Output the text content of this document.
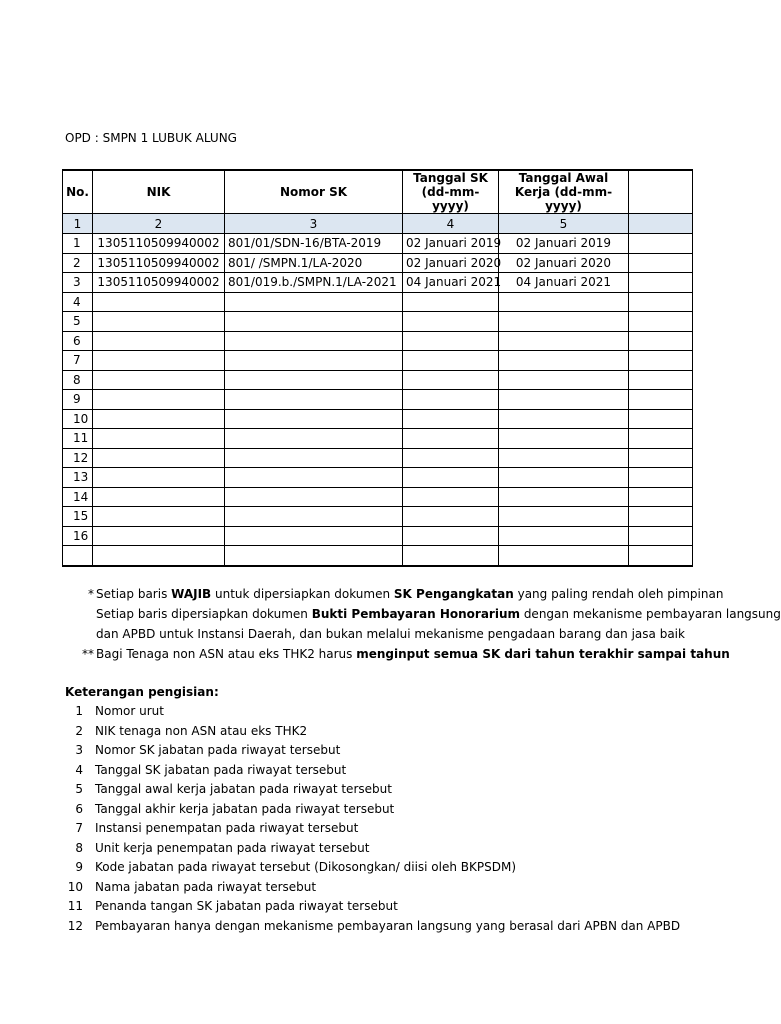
OPD : SMPN 1 LUBUK ALUNG
No.	NIK	Nomor SK	Tanggal SK (dd-mm-yyyy)	Tanggal Awal Kerja (dd-mm-yyyy)	
1	2	3	4	5	
1	1305110509940002	801/01/SDN-16/BTA-2019	02 Januari 2019	02 Januari 2019	
2	1305110509940002	801/ /SMPN.1/LA-2020	02 Januari 2020	02 Januari 2020	
3	1305110509940002	801/019.b./SMPN.1/LA-2021	04 Januari 2021	04 Januari 2021	
4					
5					
6					
7					
8					
9					
10					
11					
12					
13					
14					
15					
16					

* Setiap baris WAJIB untuk dipersiapkan dokumen SK Pengangkatan yang paling rendah oleh pimpinan
Setiap baris dipersiapkan dokumen Bukti Pembayaran Honorarium dengan mekanisme pembayaran langsung
dan APBD untuk Instansi Daerah, dan bukan melalui mekanisme pengadaan barang dan jasa baik
** Bagi Tenaga non ASN atau eks THK2 harus menginput semua SK dari tahun terakhir sampai tahun
Keterangan pengisian:
1 Nomor urut
2 NIK tenaga non ASN atau eks THK2
3 Nomor SK jabatan pada riwayat tersebut
4 Tanggal SK jabatan pada riwayat tersebut
5 Tanggal awal kerja jabatan pada riwayat tersebut
6 Tanggal akhir kerja jabatan pada riwayat tersebut
7 Instansi penempatan pada riwayat tersebut
8 Unit kerja penempatan pada riwayat tersebut
9 Kode jabatan pada riwayat tersebut (Dikosongkan/ diisi oleh BKPSDM)
10 Nama jabatan pada riwayat tersebut
11 Penanda tangan SK jabatan pada riwayat tersebut
12 Pembayaran hanya dengan mekanisme pembayaran langsung yang berasal dari APBN dan APBD
